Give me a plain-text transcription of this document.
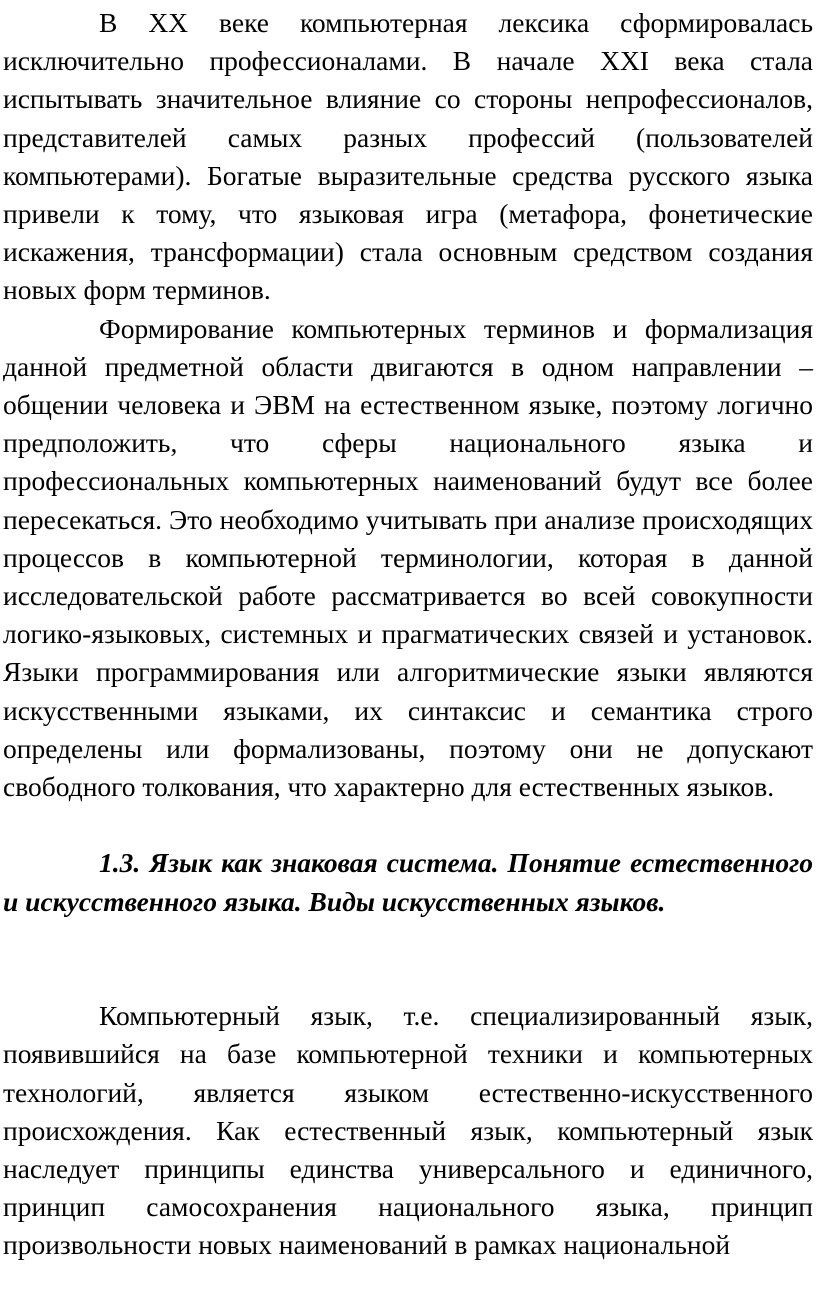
В XX веке компьютерная лексика сформировалась исключительно профессионалами. В начале XXI века стала испытывать значительное влияние со стороны непрофессионалов, представителей самых разных профессий (пользователей компьютерами). Богатые выразительные средства русского языка привели к тому, что языковая игра (метафора, фонетические искажения, трансформации) стала основным средством создания новых форм терминов.

Формирование компьютерных терминов и формализация данной предметной области двигаются в одном направлении – общении человека и ЭВМ на естественном языке, поэтому логично предположить, что сферы национального языка и профессиональных компьютерных наименований будут все более пересекаться. Это необходимо учитывать при анализе происходящих процессов в компьютерной терминологии, которая в данной исследовательской работе рассматривается во всей совокупности логико-языковых, системных и прагматических связей и установок. Языки программирования или алгоритмические языки являются искусственными языками, их синтаксис и семантика строго определены или формализованы, поэтому они не допускают свободного толкования, что характерно для естественных языков.

1.3. Язык как знаковая система. Понятие естественного и искусственного языка. Виды искусственных языков.

Компьютерный язык, т.е. специализированный язык, появившийся на базе компьютерной техники и компьютерных технологий, является языком естественно-искусственного происхождения. Как естественный язык, компьютерный язык наследует принципы единства универсального и единичного, принцип самосохранения национального языка, принцип произвольности новых наименований в рамках национальной
